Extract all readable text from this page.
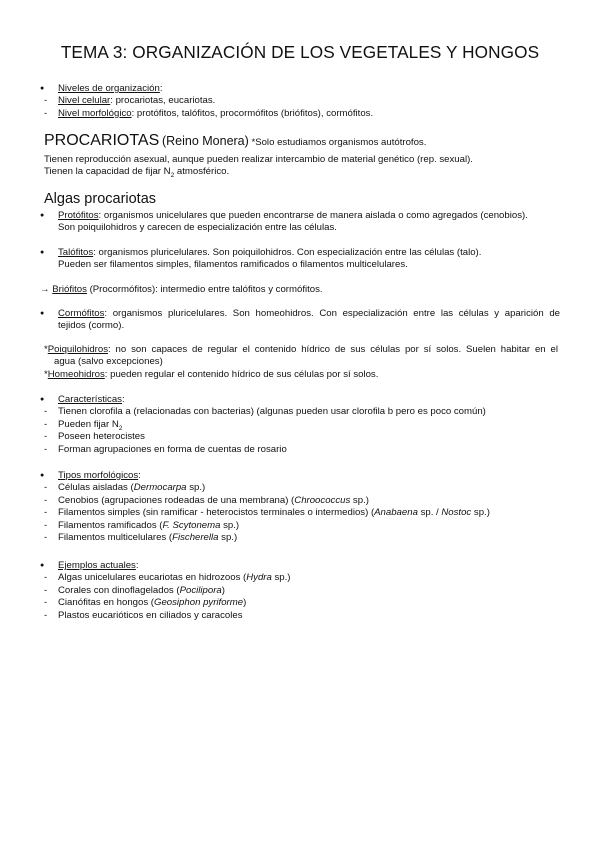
TEMA 3: ORGANIZACIÓN DE LOS VEGETALES Y HONGOS
● Niveles de organización:
- Nivel celular: procariotas, eucariotas.
- Nivel morfológico: protófitos, talófitos, procormófitos (briófitos), cormófitos.
PROCARIOTAS (Reino Monera) *Solo estudiamos organismos autótrofos.
Tienen reproducción asexual, aunque pueden realizar intercambio de material genético (rep. sexual).
Tienen la capacidad de fijar $N_2$ atmosférico.
Algas procariotas
● Protófitos: organismos unicelulares que pueden encontrarse de manera aislada o como agregados (cenobios).
Son poiquilohidros y carecen de especialización entre las células.
● Talófitos: organismos pluricelulares. Son poiquilohidros. Con especialización entre las células (talo).
Pueden ser filamentos simples, filamentos ramificados o filamentos multicelulares.
→ Briófitos (Procormófitos): intermedio entre talófitos y cormófitos.
● Cormófitos: organismos pluricelulares. Son homeohidros. Con especialización entre las células y aparición de
tejidos (cormo).
*Poiquilohidros: no son capaces de regular el contenido hídrico de sus células por sí solos. Suelen habitar en el
agua (salvo excepciones)
*Homeohidros: pueden regular el contenido hídrico de sus células por sí solos.
● Características:
- Tienen clorofila a (relacionadas con bacterias) (algunas pueden usar clorofila b pero es poco común)
- Pueden fijar $N_2$
- Poseen heterocistes
- Forman agrupaciones en forma de cuentas de rosario
● Tipos morfológicos:
- Células aisladas (Dermocarpa sp.)
- Cenobios (agrupaciones rodeadas de una membrana) (Chroococcus sp.)
- Filamentos simples (sin ramificar - heterocistos terminales o intermedios) (Anabaena sp. / Nostoc sp.)
- Filamentos ramificados (F. Scytonema sp.)
- Filamentos multicelulares (Fischerella sp.)
● Ejemplos actuales:
- Algas unicelulares eucariotas en hidrozoos (Hydra sp.)
- Corales con dinoflagelados (Pocilipora)
- Cianófitas en hongos (Geosiphon pyriforme)
- Plastos eucarióticos en ciliados y caracoles
